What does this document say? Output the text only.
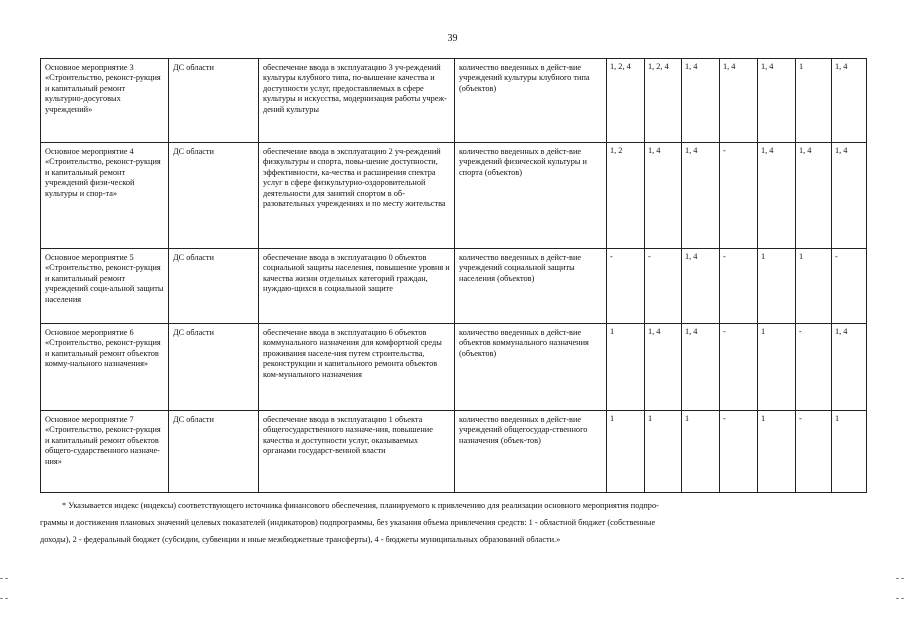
39
Основное мероприятие 3 «Строительство, реконст-рукция и капитальный ремонт культурно-досуговых учреждений»	ДС области	обеспечение ввода в эксплуатацию 3 уч-реждений культуры клубного типа, по-вышение качества и доступности услуг, предоставляемых в сфере культуры и искусства, модернизация работы учреж-дений культуры	количество введенных в дейст-вие учреждений культуры клубного типа (объектов)	1, 2, 4	1, 2, 4	1, 4	1, 4	1, 4	1	1, 4
Основное мероприятие 4 «Строительство, реконст-рукция и капитальный ремонт учреждений физи-ческой культуры и спор-та»	ДС области	обеспечение ввода в эксплуатацию 2 уч-реждений физкультуры и спорта, повы-шение доступности, эффективности, ка-чества и расширения спектра услуг в сфере физкультурно-оздоровительной деятельности для занятий спортом в об-разовательных учреждениях и по месту жительства	количество введенных в дейст-вие учреждений физической культуры и спорта (объектов)	1, 2	1, 4	1, 4	-	1, 4	1, 4	1, 4
Основное мероприятие 5 «Строительство, реконст-рукция и капитальный ремонт учреждений соци-альной защиты населения	ДС области	обеспечение ввода в эксплуатацию 0 объектов социальной защиты населения, повышение уровня и качества жизни отдельных категорий граждан, нуждаю-щихся в социальной защите	количество введенных в дейст-вие учреждений социальной защиты населения (объектов)	-	-	1, 4	-	1	1	-
Основное мероприятие 6 «Строительство, реконст-рукция и капитальный ремонт объектов комму-нального назначения»	ДС области	обеспечение ввода в эксплуатацию 6 объектов коммунального назначения для комфортной среды проживания населе-ния путем строительства, реконструкции и капитального ремонта объектов ком-мунального назначения	количество введенных в дейст-вие объектов коммунального назначения (объектов)	1	1, 4	1, 4	-	1	-	1, 4
Основное мероприятие 7 «Строительство, реконст-рукция и капитальный ремонт объектов общего-сударственного назначе-ния»	ДС области	обеспечение ввода в эксплуатацию 1 объекта общегосударственного назначе-ния, повышение качества и доступности услуг, оказываемых органами государст-венной власти	количество введенных в дейст-вие учреждений общегосудар-ственного назначения (объек-тов)	1	1	1	-	1	-	1
* Указывается индекс (индексы) соответствующего источника финансового обеспечения, планируемого к привлечению для реализации основного мероприятия подпро-
граммы и достижения плановых значений целевых показателей (индикаторов) подпрограммы, без указания объема привлечения средств: 1 - областной бюджет (собственные
доходы), 2 - федеральный бюджет (субсидии, субвенции и иные межбюджетные трансферты), 4 - бюджеты муниципальных образований области.»
